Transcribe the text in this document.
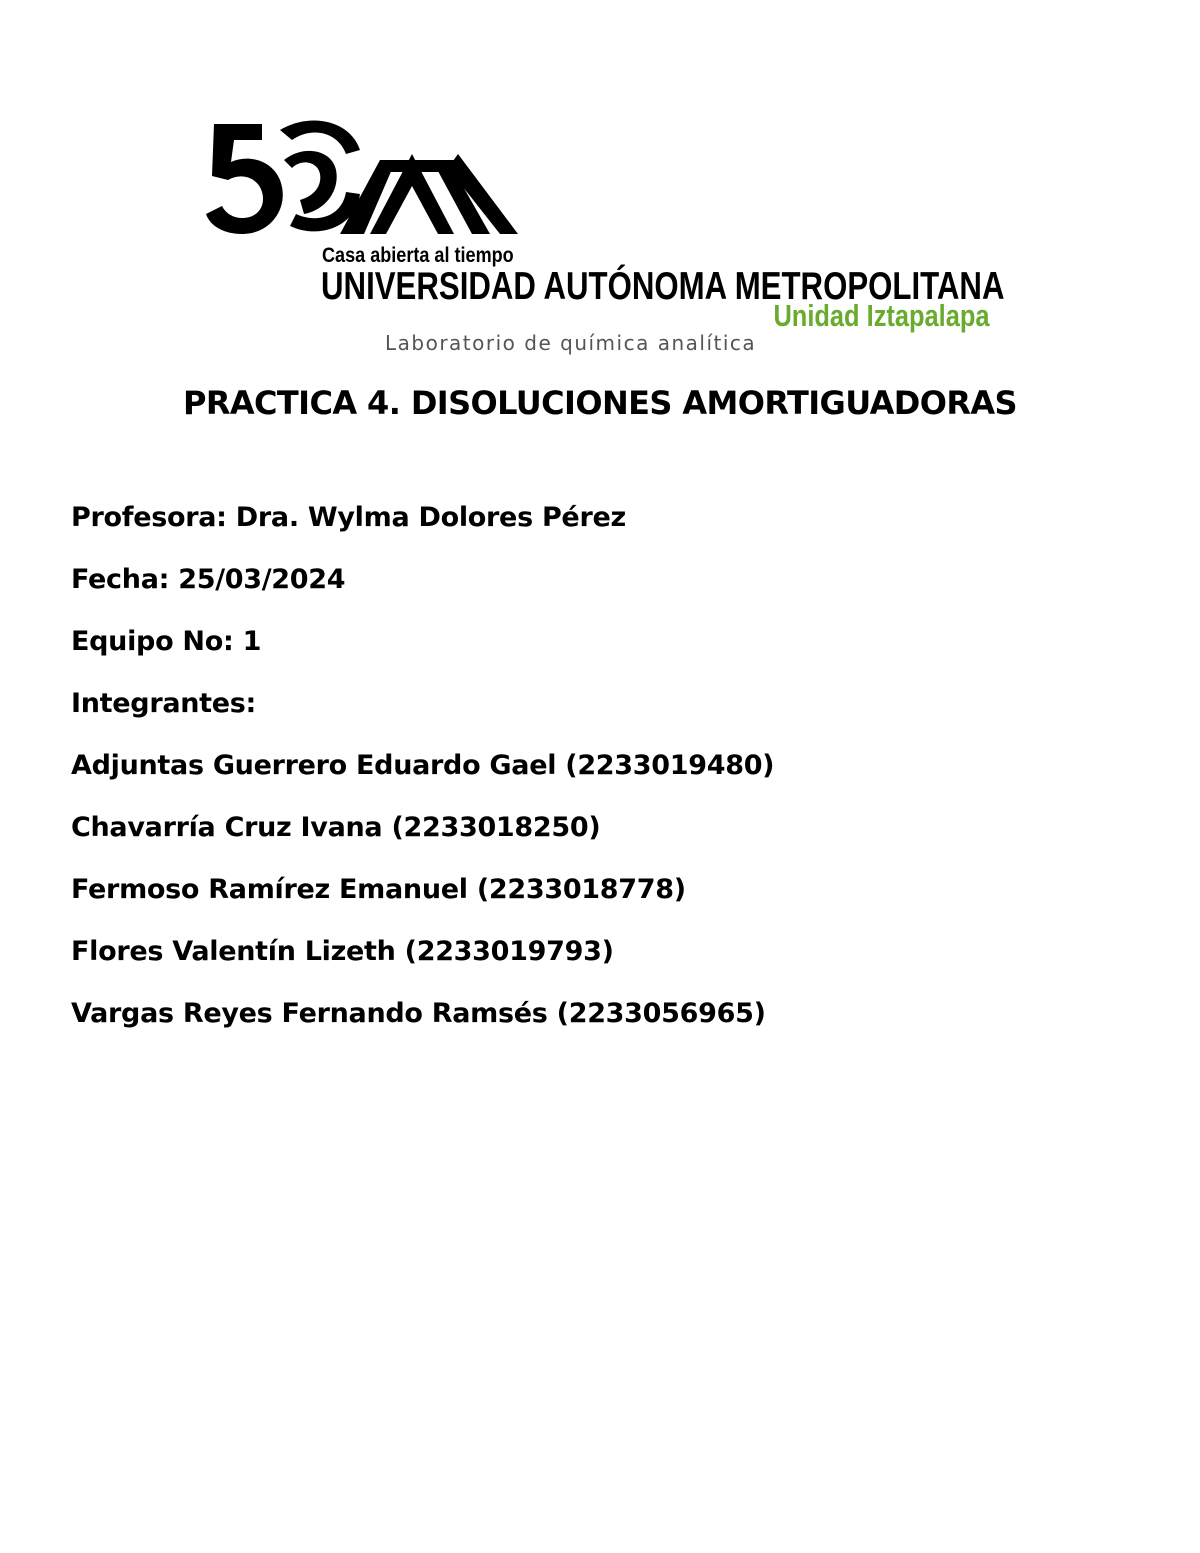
Casa abierta al tiempo
UNIVERSIDAD AUTÓNOMA METROPOLITANA
Unidad Iztapalapa
Laboratorio de química analítica
PRACTICA 4. DISOLUCIONES AMORTIGUADORAS
Profesora: Dra. Wylma Dolores Pérez
Fecha: 25/03/2024
Equipo No: 1
Integrantes:
Adjuntas Guerrero Eduardo Gael (2233019480)
Chavarría Cruz Ivana (2233018250)
Fermoso Ramírez Emanuel (2233018778)
Flores Valentín Lizeth (2233019793)
Vargas Reyes Fernando Ramsés (2233056965)
